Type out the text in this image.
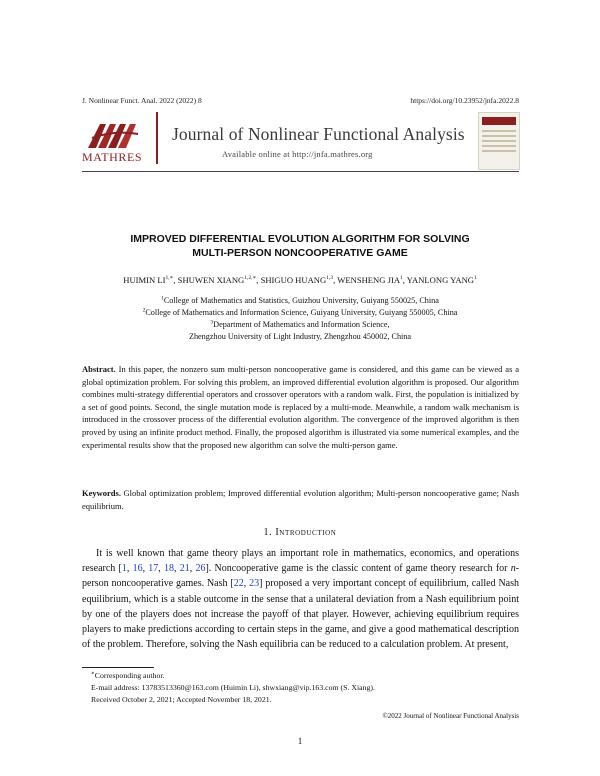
J. Nonlinear Funct. Anal. 2022 (2022) 8	https://doi.org/10.23952/jnfa.2022.8
MATHRES
Journal of Nonlinear Functional Analysis
Available online at http://jnfa.mathres.org
IMPROVED DIFFERENTIAL EVOLUTION ALGORITHM FOR SOLVING
MULTI-PERSON NONCOOPERATIVE GAME
HUIMIN $LI^{1,∗}$, SHUWEN $XIANG^{1,2,∗}$, SHIGUO HUANG$^{1,3}$, WENSHENG JIA$^1$, YANLONG YANG$^1$
$^1$College of Mathematics and Statistics, Guizhou University, Guiyang 550025, China
$^2$College of Mathematics and Information Science, Guiyang University, Guiyang 550005, China
$^3$Department of Mathematics and Information Science,
Zhengzhou University of Light Industry, Zhengzhou 450002, China
Abstract. In this paper, the nonzero sum multi-person noncooperative game is considered, and this game can be viewed as a global optimization problem. For solving this problem, an improved differential evolution algorithm is proposed. Our algorithm combines multi-strategy differential operators and crossover operators with a random walk. First, the population is initialized by a set of good points. Second, the single mutation mode is replaced by a multi-mode. Meanwhile, a random walk mechanism is introduced in the crossover process of the differential evolution algorithm. The convergence of the improved algorithm is then proved by using an infinite product method. Finally, the proposed algorithm is illustrated via some numerical examples, and the experimental results show that the proposed new algorithm can solve the multi-person game.
Keywords. Global optimization problem; Improved differential evolution algorithm; Multi-person noncooperative game; Nash equilibrium.
1. Introduction
It is well known that game theory plays an important role in mathematics, economics, and operations research [1, 16, 17, 18, 21, 26]. Noncooperative game is the classic content of game theory research for n-person noncooperative games. Nash [22, 23] proposed a very important concept of equilibrium, called Nash equilibrium, which is a stable outcome in the sense that a unilateral deviation from a Nash equilibrium point by one of the players does not increase the payoff of that player. However, achieving equilibrium requires players to make predictions according to certain steps in the game, and give a good mathematical description of the problem. Therefore, solving the Nash equilibria can be reduced to a calculation problem. At present,
∗Corresponding author.
E-mail address: 13783513360@163.com (Huimin Li), shwxiang@vip.163.com (S. Xiang).
Received October 2, 2021; Accepted November 18, 2021.
©2022 Journal of Nonlinear Functional Analysis
1
